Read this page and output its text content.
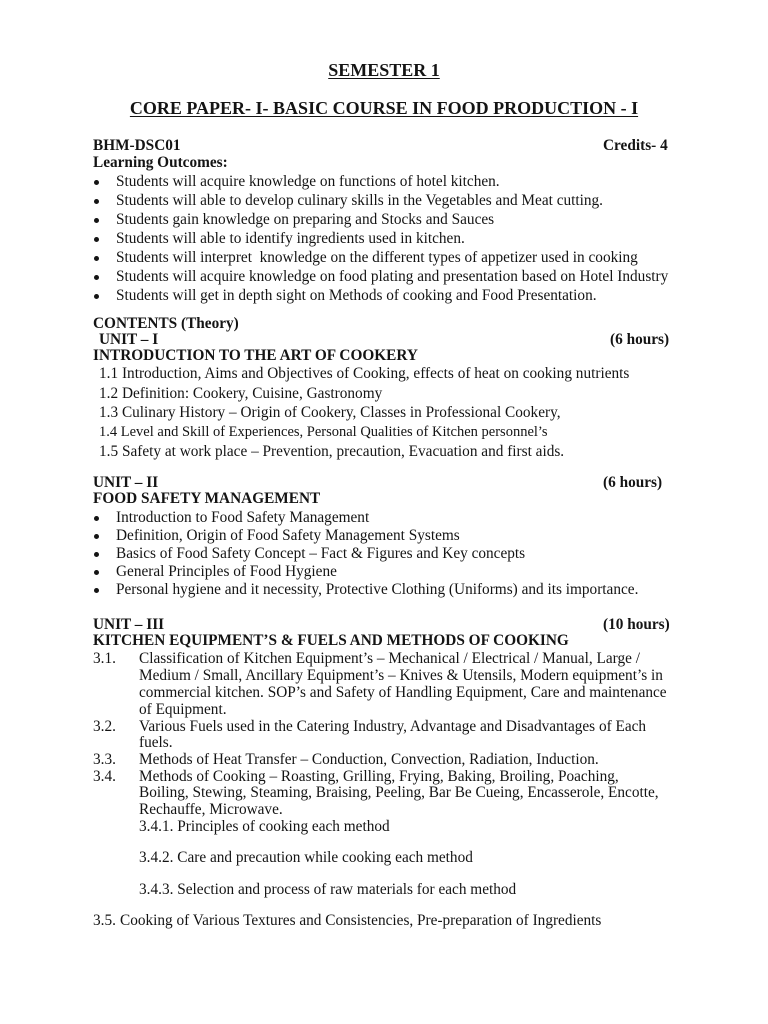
SEMESTER 1
CORE PAPER- I- BASIC COURSE IN FOOD PRODUCTION - I
BHM-DSC01	Credits- 4
Learning Outcomes:
Students will acquire knowledge on functions of hotel kitchen.
Students will able to develop culinary skills in the Vegetables and Meat cutting.
Students gain knowledge on preparing and Stocks and Sauces
Students will able to identify ingredients used in kitchen.
Students will interpret  knowledge on the different types of appetizer used in cooking
Students will acquire knowledge on food plating and presentation based on Hotel Industry
Students will get in depth sight on Methods of cooking and Food Presentation.
CONTENTS (Theory)
UNIT – I	(6 hours)
INTRODUCTION TO THE ART OF COOKERY
1.1 Introduction, Aims and Objectives of Cooking, effects of heat on cooking nutrients
1.2 Definition: Cookery, Cuisine, Gastronomy
1.3 Culinary History – Origin of Cookery, Classes in Professional Cookery,
1.4 Level and Skill of Experiences, Personal Qualities of Kitchen personnel’s
1.5 Safety at work place – Prevention, precaution, Evacuation and first aids.
UNIT – II	(6 hours)
FOOD SAFETY MANAGEMENT
Introduction to Food Safety Management
Definition, Origin of Food Safety Management Systems
Basics of Food Safety Concept – Fact & Figures and Key concepts
General Principles of Food Hygiene
Personal hygiene and it necessity, Protective Clothing (Uniforms) and its importance.
UNIT – III	(10 hours)
KITCHEN EQUIPMENT’S & FUELS AND METHODS OF COOKING
3.1. Classification of Kitchen Equipment’s – Mechanical / Electrical / Manual, Large /
Medium / Small, Ancillary Equipment’s – Knives & Utensils, Modern equipment’s in
commercial kitchen. SOP’s and Safety of Handling Equipment, Care and maintenance
of Equipment.
3.2. Various Fuels used in the Catering Industry, Advantage and Disadvantages of Each
fuels.
3.3. Methods of Heat Transfer – Conduction, Convection, Radiation, Induction.
3.4. Methods of Cooking – Roasting, Grilling, Frying, Baking, Broiling, Poaching,
Boiling, Stewing, Steaming, Braising, Peeling, Bar Be Cueing, Encasserole, Encotte,
Rechauffe, Microwave.
3.4.1. Principles of cooking each method
3.4.2. Care and precaution while cooking each method
3.4.3. Selection and process of raw materials for each method
3.5. Cooking of Various Textures and Consistencies, Pre-preparation of Ingredients
